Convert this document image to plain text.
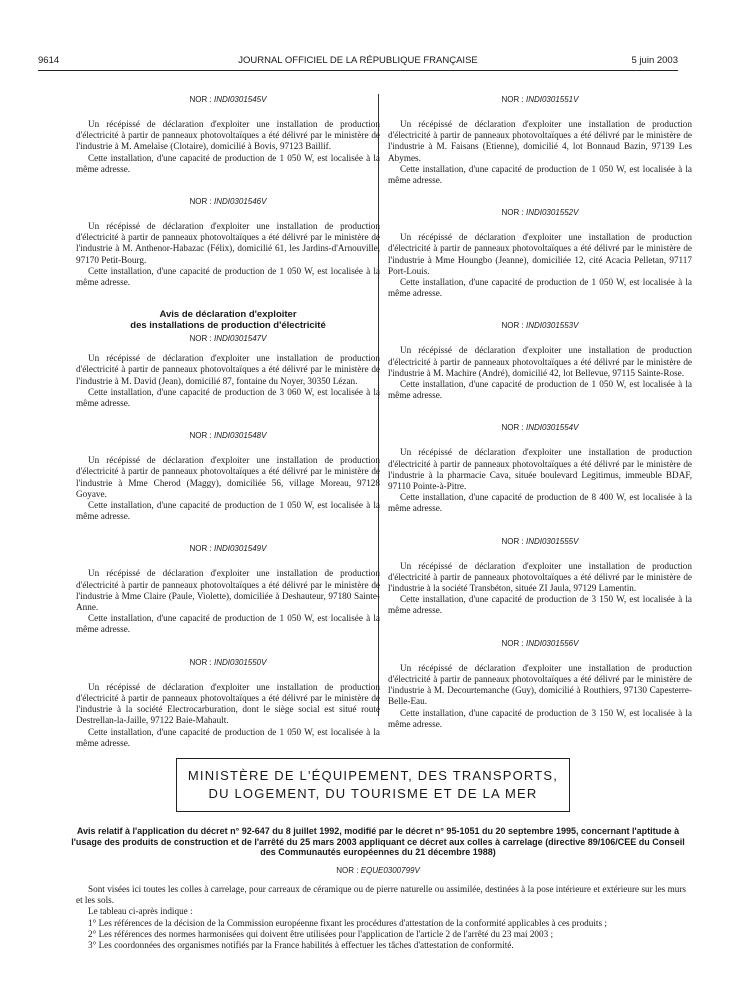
9614	JOURNAL OFFICIEL DE LA RÉPUBLIQUE FRANÇAISE	5 juin 2003
NOR : INDI0301545V

Un récépissé de déclaration d'exploiter une installation de production d'électricité à partir de panneaux photovoltaïques a été délivré par le ministère de l'industrie à M. Amelaïse (Clotaire), domicilié à Bovis, 97123 Baillif.

Cette installation, d'une capacité de production de 1 050 W, est localisée à la même adresse.

NOR : INDI0301546V

Un récépissé de déclaration d'exploiter une installation de production d'électricité à partir de panneaux photovoltaïques a été délivré par le ministère de l'industrie à M. Anthenor-Habazac (Félix), domicilié 61, les Jardins-d'Arnouville, 97170 Petit-Bourg.

Cette installation, d'une capacité de production de 1 050 W, est localisée à la même adresse.

Avis de déclaration d'exploiter
des installations de production d'électricité
NOR : INDI0301547V

Un récépissé de déclaration d'exploiter une installation de production d'électricité à partir de panneaux photovoltaïques a été délivré par le ministère de l'industrie à M. David (Jean), domicilié 87, fontaine du Noyer, 30350 Lézan.

Cette installation, d'une capacité de production de 3 060 W, est localisée à la même adresse.

NOR : INDI0301548V

Un récépissé de déclaration d'exploiter une installation de production d'électricité à partir de panneaux photovoltaïques a été délivré par le ministère de l'industrie à Mme Cherod (Maggy), domiciliée 56, village Moreau, 97128 Goyave.

Cette installation, d'une capacité de production de 1 050 W, est localisée à la même adresse.

NOR : INDI0301549V

Un récépissé de déclaration d'exploiter une installation de production d'électricité à partir de panneaux photovoltaïques a été délivré par le ministère de l'industrie à Mme Claire (Paule, Violette), domiciliée à Deshauteur, 97180 Sainte-Anne.

Cette installation, d'une capacité de production de 1 050 W, est localisée à la même adresse.

NOR : INDI0301550V

Un récépissé de déclaration d'exploiter une installation de production d'électricité à partir de panneaux photovoltaïques a été délivré par le ministère de l'industrie à la société Electrocarburation, dont le siège social est situé route Destrellan-la-Jaille, 97122 Baie-Mahault.

Cette installation, d'une capacité de production de 1 050 W, est localisée à la même adresse.

NOR : INDI0301551V

Un récépissé de déclaration d'exploiter une installation de production d'électricité à partir de panneaux photovoltaïques a été délivré par le ministère de l'industrie à M. Faisans (Etienne), domicilié 4, lot Bonnaud Bazin, 97139 Les Abymes.

Cette installation, d'une capacité de production de 1 050 W, est localisée à la même adresse.

NOR : INDI0301552V

Un récépissé de déclaration d'exploiter une installation de production d'électricité à partir de panneaux photovoltaïques a été délivré par le ministère de l'industrie à Mme Houngbo (Jeanne), domiciliée 12, cité Acacia Pelletan, 97117 Port-Louis.

Cette installation, d'une capacité de production de 1 050 W, est localisée à la même adresse.

NOR : INDI0301553V

Un récépissé de déclaration d'exploiter une installation de production d'électricité à partir de panneaux photovoltaïques a été délivré par le ministère de l'industrie à M. Machire (André), domicilié 42, lot Bellevue, 97115 Sainte-Rose.

Cette installation, d'une capacité de production de 1 050 W, est localisée à la même adresse.

NOR : INDI0301554V

Un récépissé de déclaration d'exploiter une installation de production d'électricité à partir de panneaux photovoltaïques a été délivré par le ministère de l'industrie à la pharmacie Cava, située boulevard Legitimus, immeuble BDAF, 97110 Pointe-à-Pitre.

Cette installation, d'une capacité de production de 8 400 W, est localisée à la même adresse.

NOR : INDI0301555V

Un récépissé de déclaration d'exploiter une installation de production d'électricité à partir de panneaux photovoltaïques a été délivré par le ministère de l'industrie à la société Transbéton, située ZI Jaula, 97129 Lamentin.

Cette installation, d'une capacité de production de 3 150 W, est localisée à la même adresse.

NOR : INDI0301556V

Un récépissé de déclaration d'exploiter une installation de production d'électricité à partir de panneaux photovoltaïques a été délivré par le ministère de l'industrie à M. Decourtemanche (Guy), domicilié à Routhiers, 97130 Capesterre-Belle-Eau.

Cette installation, d'une capacité de production de 3 150 W, est localisée à la même adresse.

MINISTÈRE DE L'ÉQUIPEMENT, DES TRANSPORTS,
DU LOGEMENT, DU TOURISME ET DE LA MER
Avis relatif à l'application du décret n° 92-647 du 8 juillet 1992, modifié par le décret n° 95-1051 du 20 septembre 1995, concernant l'aptitude à l'usage des produits de construction et de l'arrêté du 25 mars 2003 appliquant ce décret aux colles à carrelage (directive 89/106/CEE du Conseil des Communautés européennes du 21 décembre 1988)
NOR : EQUE0300799V

Sont visées ici toutes les colles à carrelage, pour carreaux de céramique ou de pierre naturelle ou assimilée, destinées à la pose intérieure et extérieure sur les murs et les sols.

Le tableau ci-après indique :

1° Les références de la décision de la Commission européenne fixant les procédures d'attestation de la conformité applicables à ces produits ;

2° Les références des normes harmonisées qui doivent être utilisées pour l'application de l'article 2 de l'arrêté du 23 mai 2003 ;

3° Les coordonnées des organismes notifiés par la France habilités à effectuer les tâches d'attestation de conformité.
